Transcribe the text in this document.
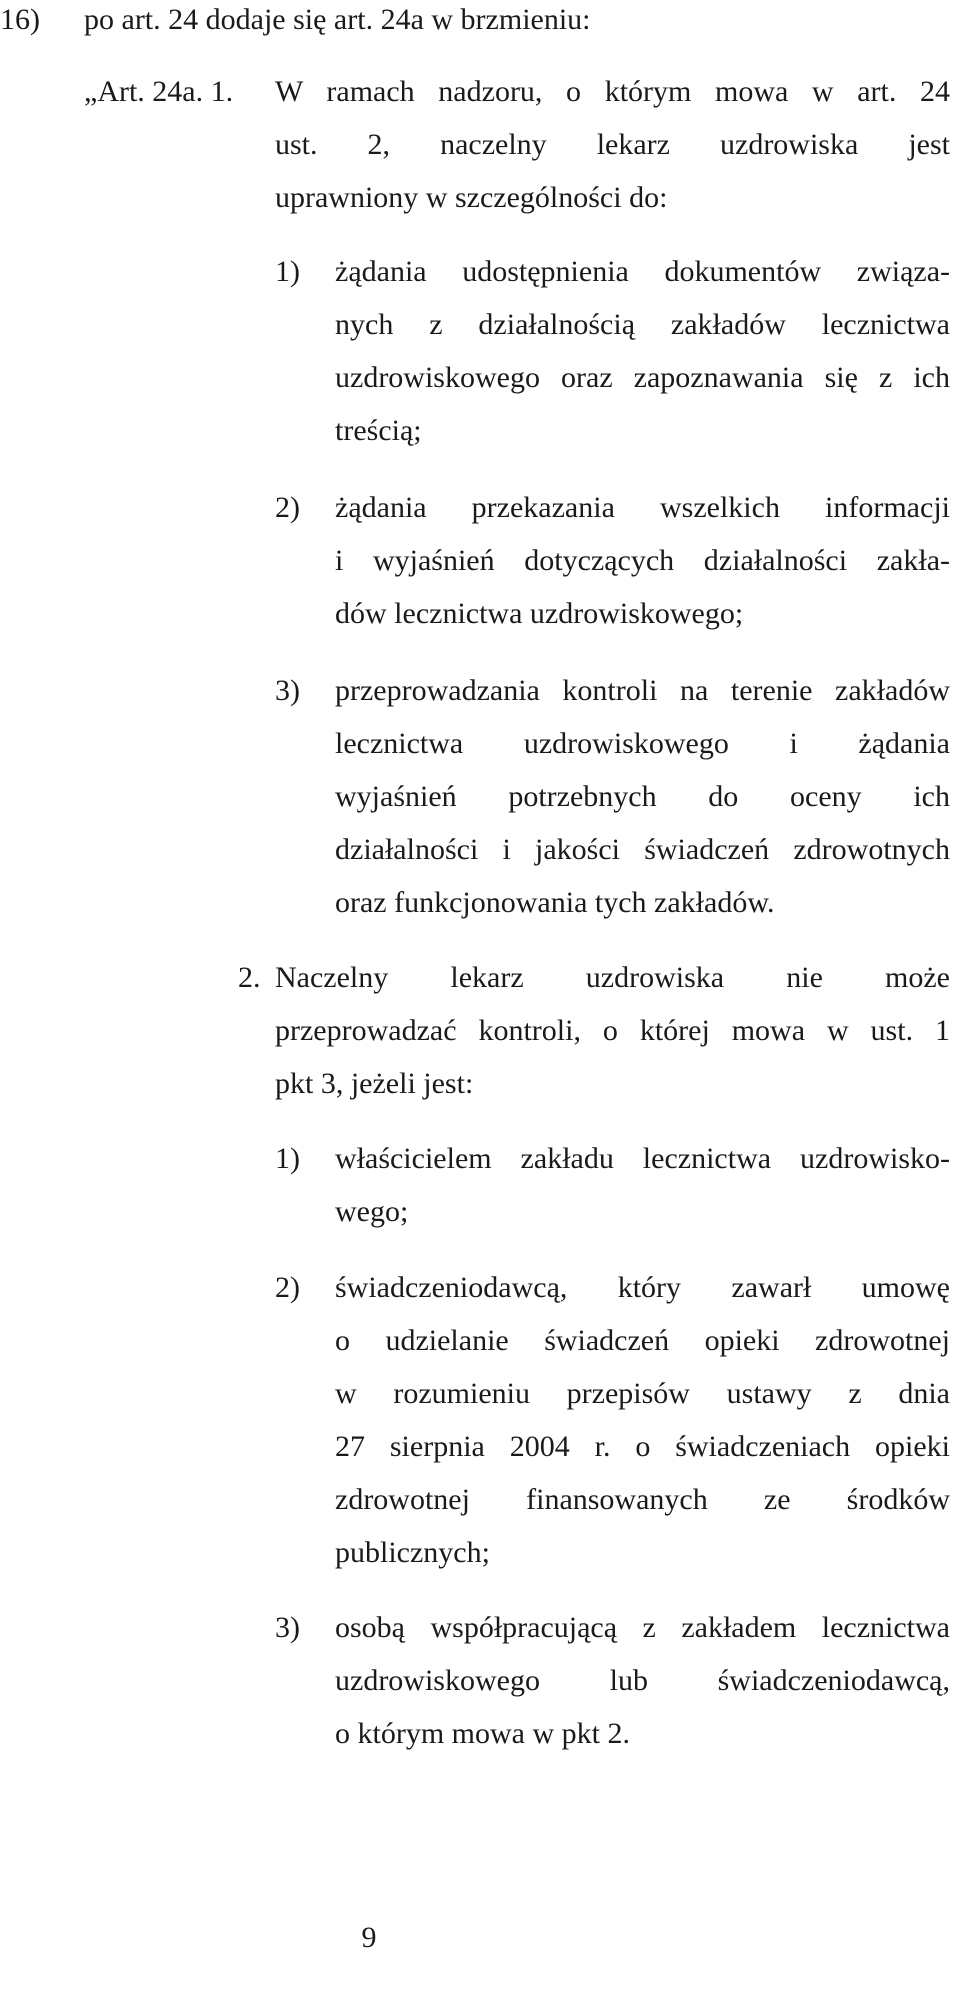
16) po art. 24 dodaje się art. 24a w brzmieniu:
„Art. 24a. 1. W ramach nadzoru, o którym mowa w art. 24
ust. 2, naczelny lekarz uzdrowiska jest
uprawniony w szczególności do:
1) żądania udostępnienia dokumentów związa-
nych z działalnością zakładów lecznictwa
uzdrowiskowego oraz zapoznawania się z ich
treścią;
2) żądania przekazania wszelkich informacji
i wyjaśnień dotyczących działalności zakła-
dów lecznictwa uzdrowiskowego;
3) przeprowadzania kontroli na terenie zakładów
lecznictwa uzdrowiskowego i żądania
wyjaśnień potrzebnych do oceny ich
działalności i jakości świadczeń zdrowotnych
oraz funkcjonowania tych zakładów.
2. Naczelny lekarz uzdrowiska nie może
przeprowadzać kontroli, o której mowa w ust. 1
pkt 3, jeżeli jest:
1) właścicielem zakładu lecznictwa uzdrowisko-
wego;
2) świadczeniodawcą, który zawarł umowę
o udzielanie świadczeń opieki zdrowotnej
w rozumieniu przepisów ustawy z dnia
27 sierpnia 2004 r. o świadczeniach opieki
zdrowotnej finansowanych ze środków
publicznych;
3) osobą współpracującą z zakładem lecznictwa
uzdrowiskowego lub świadczeniodawcą,
o którym mowa w pkt 2.
9
